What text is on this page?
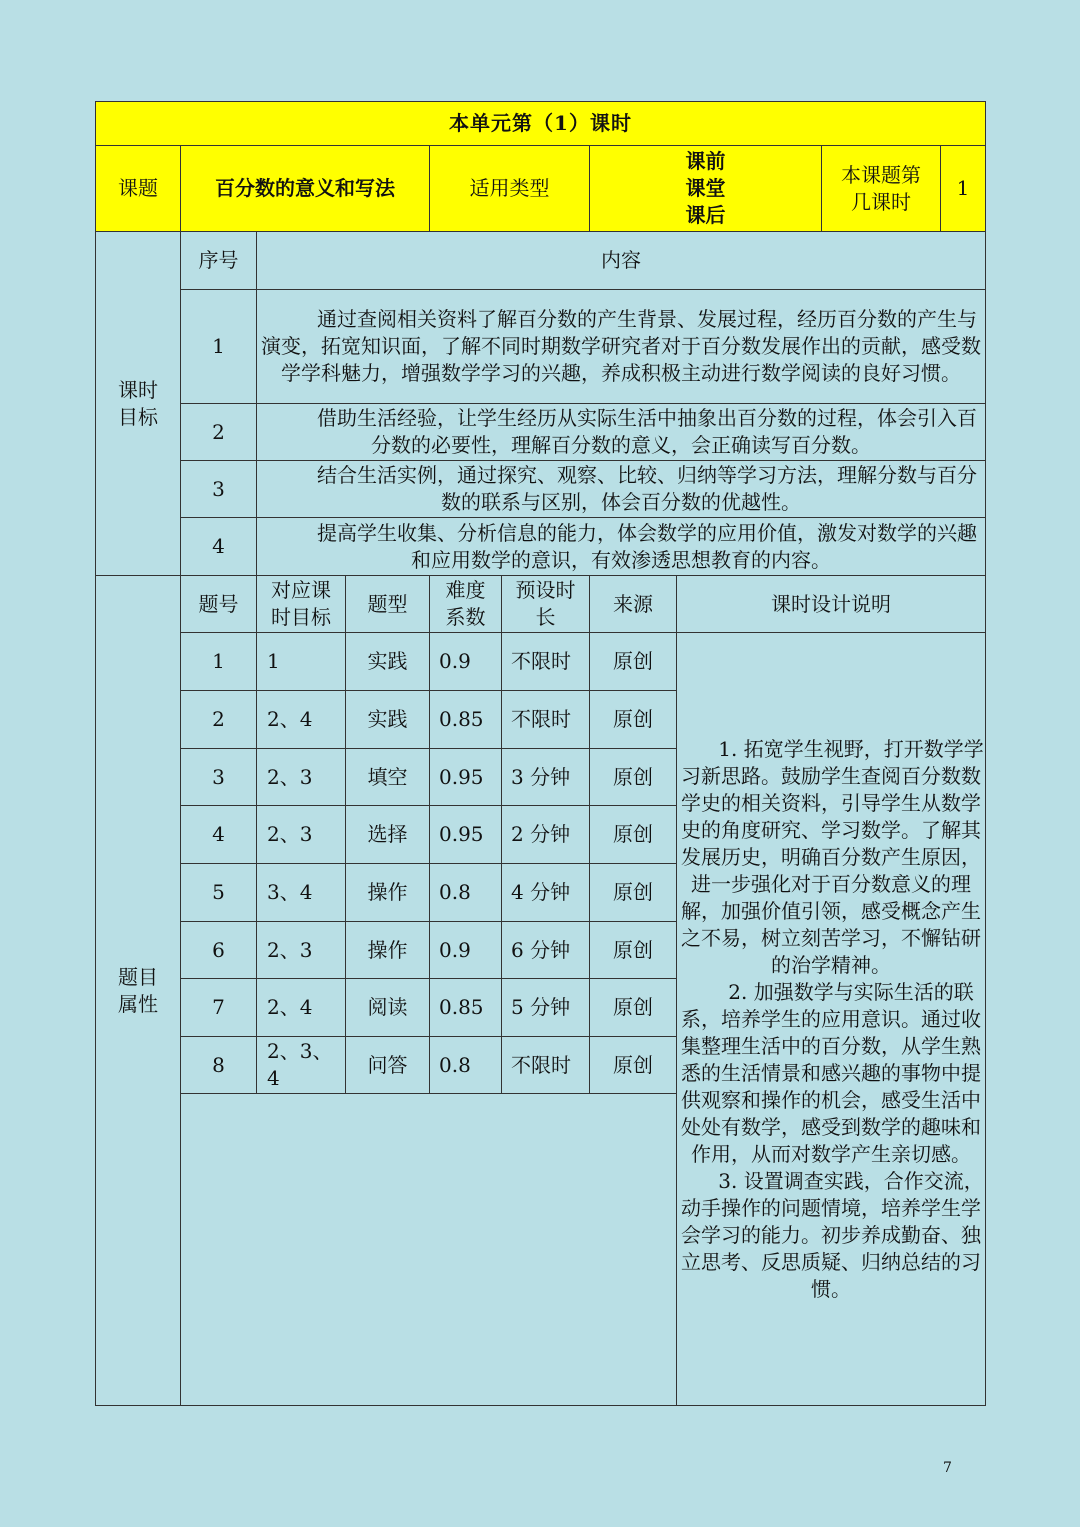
本单元第（1）课时									
课题	百分数的意义和写法			适用类型		课前
课堂
课后		本课题第几课时	1
课时目标	序号	内容							
	1	通过查阅相关资料了解百分数的产生背景、发展过程，经历百分数的产生与演变，拓宽知识面，了解不同时期数学研究者对于百分数发展作出的贡献，感受数学学科魅力，增强数学学习的兴趣，养成积极主动进行数学阅读的良好习惯。							
	2	借助生活经验，让学生经历从实际生活中抽象出百分数的过程，体会引入百分数的必要性，理解百分数的意义，会正确读写百分数。							
	3	结合生活实例，通过探究、观察、比较、归纳等学习方法，理解分数与百分数的联系与区别，体会百分数的优越性。							
	4	提高学生收集、分析信息的能力，体会数学的应用价值，激发对数学的兴趣和应用数学的意识，有效渗透思想教育的内容。							
题目属性	题号	对应课时目标	题型	难度系数	预设时长	来源	课时设计说明		
	1	1	实践	0.9	不限时	原创	1. 拓宽学生视野，打开数学学习新思路。鼓励学生查阅百分数数学史的相关资料，引导学生从数学史的角度研究、学习数学。了解其发展历史，明确百分数产生原因，进一步强化对于百分数意义的理解，加强价值引领，感受概念产生之不易，树立刻苦学习，不懈钻研的治学精神。

2. 加强数学与实际生活的联系，培养学生的应用意识。通过收集整理生活中的百分数，从学生熟悉的生活情景和感兴趣的事物中提供观察和操作的机会，感受生活中处处有数学，感受到数学的趣味和作用，从而对数学产生亲切感。

3. 设置调查实践，合作交流，动手操作的问题情境，培养学生学会学习的能力。初步养成勤奋、独立思考、反思质疑、归纳总结的习惯。		

	2	2、4	实践	0.85	不限时	原创			
	3	2、3	填空	0.95	3 分钟	原创			
	4	2、3	选择	0.95	2 分钟	原创			
	5	3、4	操作	0.8	4 分钟	原创			
	6	2、3	操作	0.9	6 分钟	原创			
	7	2、4	阅读	0.85	5 分钟	原创			
	8	2、3、4	问答	0.8	不限时	原创			

7
